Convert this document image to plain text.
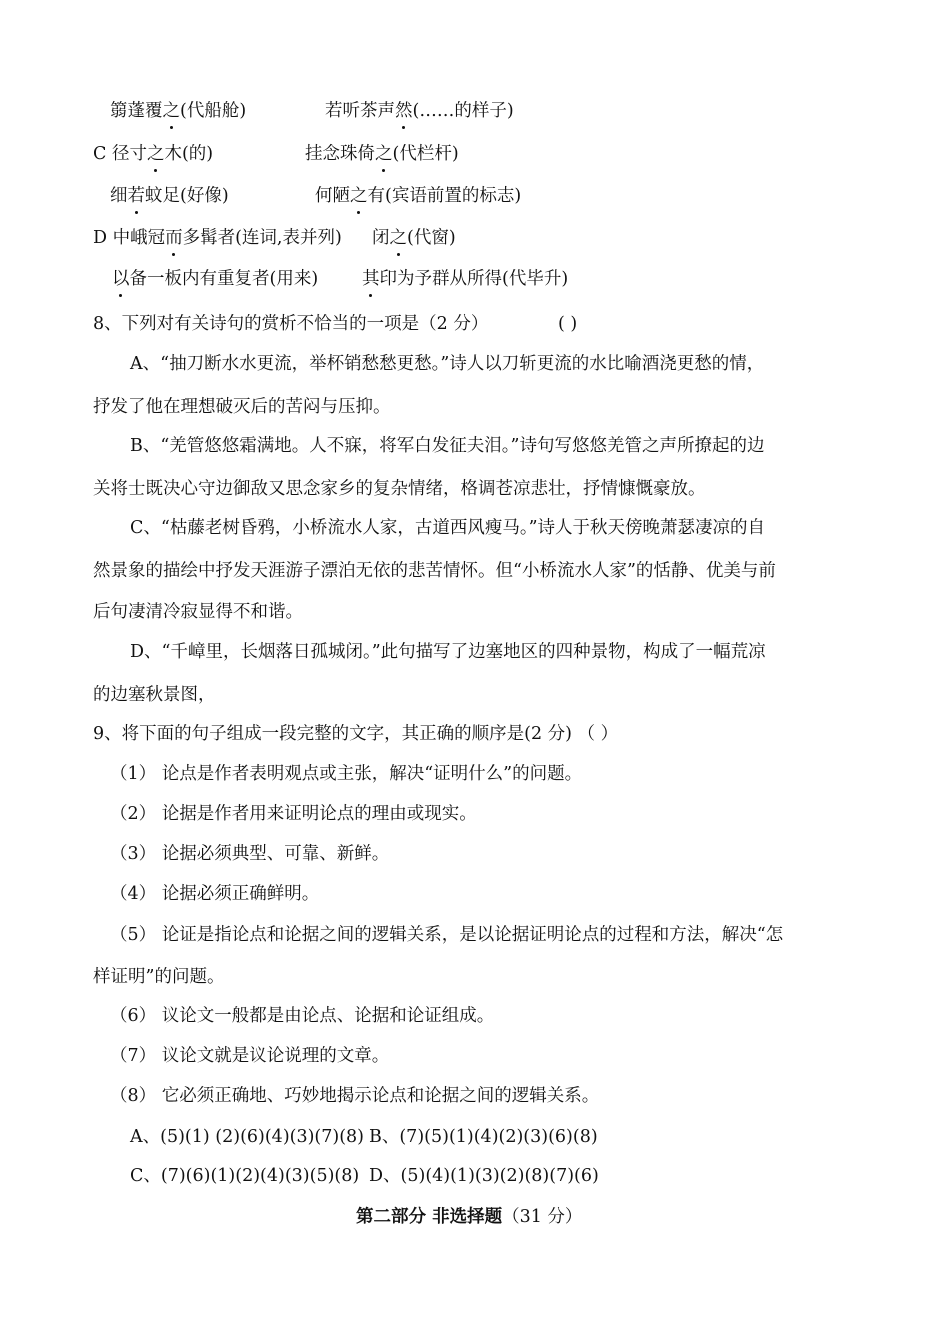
篛蓬覆之(代船舱)	若听茶声然(……的样子)
C 径寸之木(的)	挂念珠倚之(代栏杆)
细若蚊足(好像)	何陋之有(宾语前置的标志)
D 中峨冠而多髯者(连词,表并列) 闭之(代窗)
以备一板内有重复者(用来)	其印为予群从所得(代毕升)
8、下列对有关诗句的赏析不恰当的一项是（2 分）	( )
A、“抽刀断水水更流，举杯销愁愁更愁。”诗人以刀斩更流的水比喻酒浇更愁的情，
抒发了他在理想破灭后的苦闷与压抑。
B、“羌管悠悠霜满地。人不寐，将军白发征夫泪。”诗句写悠悠羌管之声所撩起的边
关将士既决心守边御敌又思念家乡的复杂情绪，格调苍凉悲壮，抒情慷慨豪放。
C、“枯藤老树昏鸦，小桥流水人家，古道西风瘦马。”诗人于秋天傍晚萧瑟凄凉的自
然景象的描绘中抒发天涯游子漂泊无依的悲苦情怀。但“小桥流水人家”的恬静、优美与前
后句凄清冷寂显得不和谐。
D、“千嶂里，长烟落日孤城闭。”此句描写了边塞地区的四种景物，构成了一幅荒凉
的边塞秋景图，
9、将下面的句子组成一段完整的文字，其正确的顺序是(2 分) （ ）
（1） 论点是作者表明观点或主张，解决“证明什么”的问题。
（2） 论据是作者用来证明论点的理由或现实。
（3） 论据必须典型、可靠、新鲜。
（4） 论据必须正确鲜明。
（5） 论证是指论点和论据之间的逻辑关系，是以论据证明论点的过程和方法，解决“怎
样证明”的问题。
（6） 议论文一般都是由论点、论据和论证组成。
（7） 议论文就是议论说理的文章。
（8） 它必须正确地、巧妙地揭示论点和论据之间的逻辑关系。
A、(5)(1) (2)(6)(4)(3)(7)(8) B、(7)(5)(1)(4)(2)(3)(6)(8)
C、(7)(6)(1)(2)(4)(3)(5)(8) D、(5)(4)(1)(3)(2)(8)(7)(6)
第二部分 非选择题（31 分）
